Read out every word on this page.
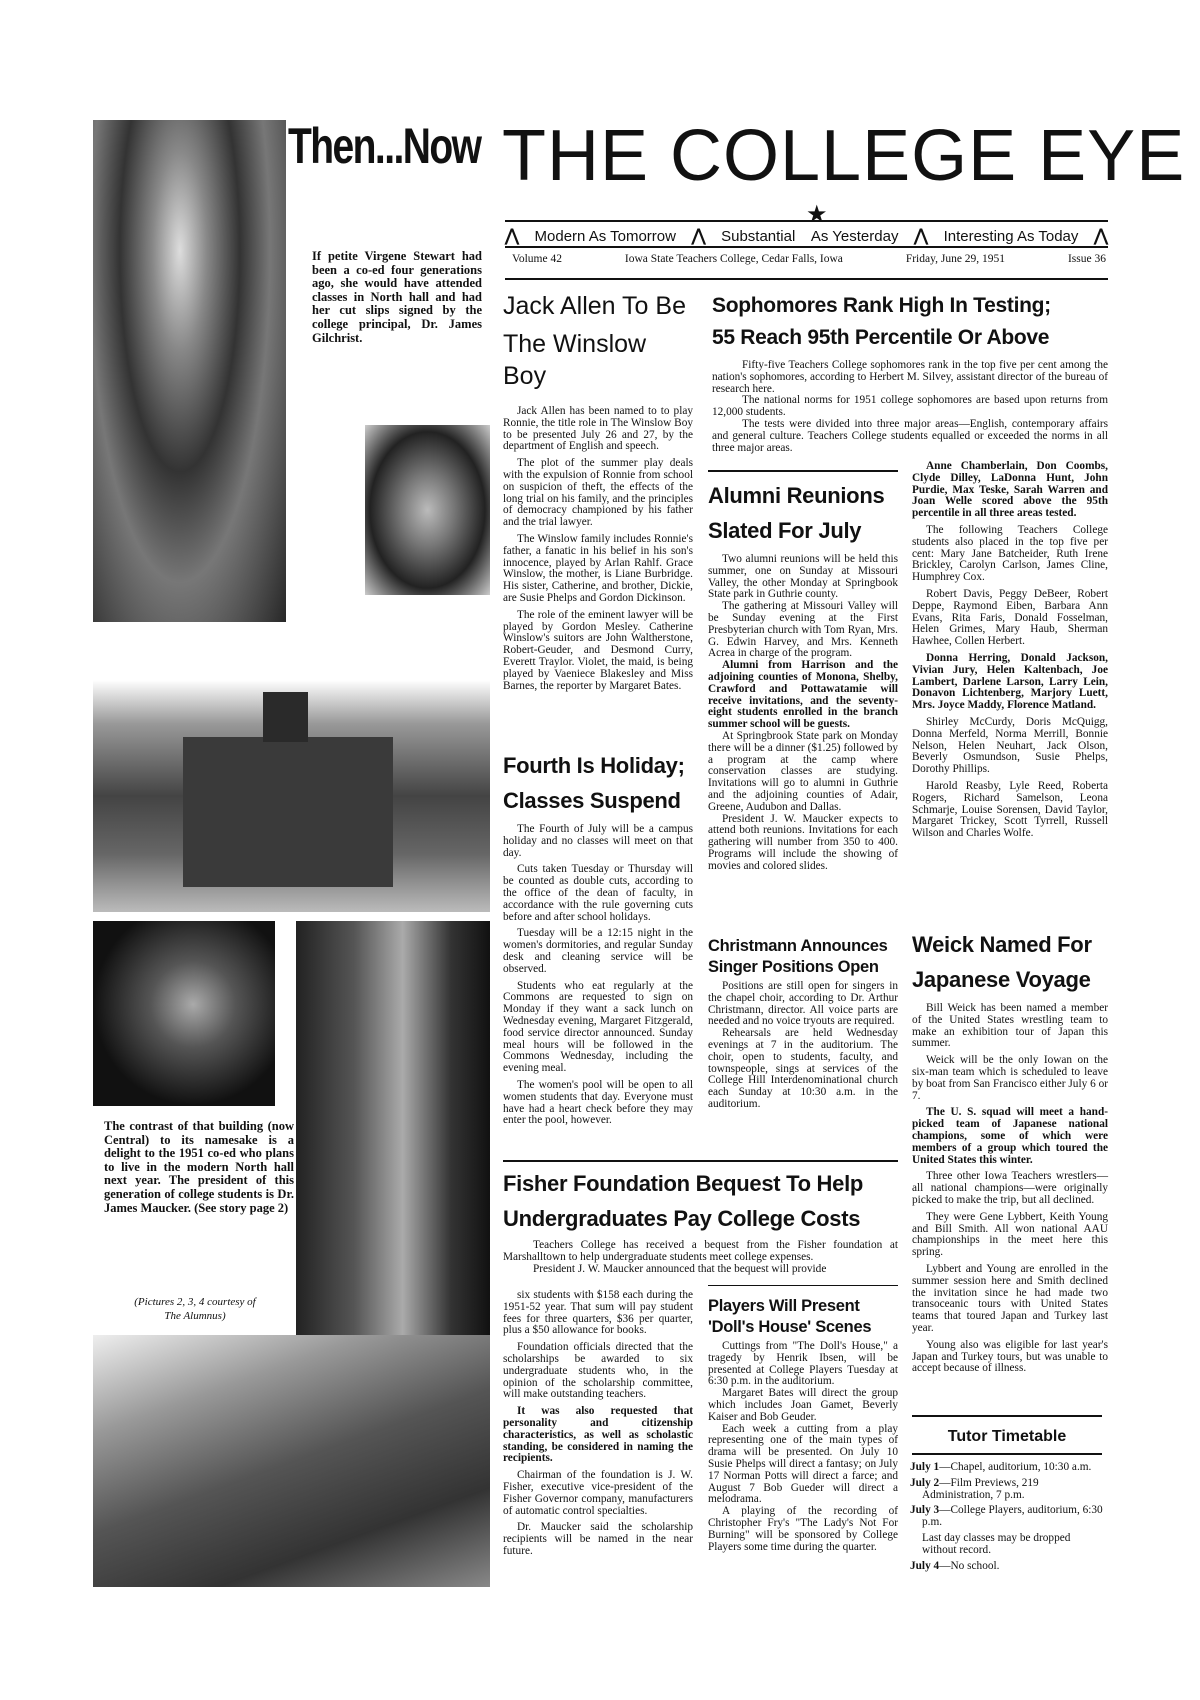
Then...Now
If petite Virgene Stewart had been a co-ed four generations ago, she would have attended classes in North hall and had her cut slips signed by the college principal, Dr. James Gilchrist.
The contrast of that building (now Central) to its namesake is a delight to the 1951 co-ed who plans to live in the modern North hall next year. The president of this generation of college students is Dr. James Maucker. (See story page 2)
(Pictures 2, 3, 4 courtesy of
The Alumnus)
THE COLLEGE EYE
★
⋀ Modern As Tomorrow ⋀ Substantial As Yesterday ⋀ Interesting As Today ⋀
Volume 42	Iowa State Teachers College, Cedar Falls, Iowa	Friday, June 29, 1951	Issue 36
Jack Allen To Be
The Winslow Boy

Jack Allen has been named to to play Ronnie, the title role in The Winslow Boy to be presented July 26 and 27, by the department of English and speech.

The plot of the summer play deals with the expulsion of Ronnie from school on suspicion of theft, the effects of the long trial on his family, and the principles of democracy championed by his father and the trial lawyer.

The Winslow family includes Ronnie's father, a fanatic in his belief in his son's innocence, played by Arlan Rahlf. Grace Winslow, the mother, is Liane Burbridge. His sister, Catherine, and brother, Dickie, are Susie Phelps and Gordon Dickinson.

The role of the eminent lawyer will be played by Gordon Mesley. Catherine Winslow's suitors are John Waltherstone, Robert-Geuder, and Desmond Curry, Everett Traylor. Violet, the maid, is being played by Vaeniece Blakesley and Miss Barnes, the reporter by Margaret Bates.

Fourth Is Holiday;
Classes Suspend

The Fourth of July will be a campus holiday and no classes will meet on that day.

Cuts taken Tuesday or Thursday will be counted as double cuts, according to the office of the dean of faculty, in accordance with the rule governing cuts before and after school holidays.

Tuesday will be a 12:15 night in the women's dormitories, and regular Sunday desk and cleaning service will be observed.

Students who eat regularly at the Commons are requested to sign on Monday if they want a sack lunch on Wednesday evening, Margaret Fitzgerald, food service director announced. Sunday meal hours will be followed in the Commons Wednesday, including the evening meal.

The women's pool will be open to all women students that day. Everyone must have had a heart check before they may enter the pool, however.

Sophomores Rank High In Testing;
55 Reach 95th Percentile Or Above

Fifty-five Teachers College sophomores rank in the top five per cent among the nation's sophomores, according to Herbert M. Silvey, assistant director of the bureau of research here.

The national norms for 1951 college sophomores are based upon returns from 12,000 students.

The tests were divided into three major areas—English, contemporary affairs and general culture. Teachers College students equalled or exceeded the norms in all three major areas.

Anne Chamberlain, Don Coombs, Clyde Dilley, LaDonna Hunt, John Purdie, Max Teske, Sarah Warren and Joan Welle scored above the 95th percentile in all three areas tested.

The following Teachers College students also placed in the top five per cent: Mary Jane Batcheider, Ruth Irene Brickley, Carolyn Carlson, James Cline, Humphrey Cox.

Robert Davis, Peggy DeBeer, Robert Deppe, Raymond Eiben, Barbara Ann Evans, Rita Faris, Donald Fosselman, Helen Grimes, Mary Haub, Sherman Hawhee, Collen Herbert.

Donna Herring, Donald Jackson, Vivian Jury, Helen Kaltenbach, Joe Lambert, Darlene Larson, Larry Lein, Donavon Lichtenberg, Marjory Luett, Mrs. Joyce Maddy, Florence Matland.

Shirley McCurdy, Doris McQuigg, Donna Merfeld, Norma Merrill, Bonnie Nelson, Helen Neuhart, Jack Olson, Beverly Osmundson, Susie Phelps, Dorothy Phillips.

Harold Reasby, Lyle Reed, Roberta Rogers, Richard Samelson, Leona Schmarje, Louise Sorensen, David Taylor, Margaret Trickey, Scott Tyrrell, Russell Wilson and Charles Wolfe.

Alumni Reunions
Slated For July

Two alumni reunions will be held this summer, one on Sunday at Missouri Valley, the other Monday at Springbook State park in Guthrie county.

The gathering at Missouri Valley will be Sunday evening at the First Presbyterian church with Tom Ryan, Mrs. G. Edwin Harvey, and Mrs. Kenneth Acrea in charge of the program.

Alumni from Harrison and the adjoining counties of Monona, Shelby, Crawford and Pottawatamie will receive invitations, and the seventy-eight students enrolled in the branch summer school will be guests.

At Springbrook State park on Monday there will be a dinner ($1.25) followed by a program at the camp where conservation classes are studying. Invitations will go to alumni in Guthrie and the adjoining counties of Adair, Greene, Audubon and Dallas.

President J. W. Maucker expects to attend both reunions. Invitations for each gathering will number from 350 to 400. Programs will include the showing of movies and colored slides.

Christmann Announces
Singer Positions Open

Positions are still open for singers in the chapel choir, according to Dr. Arthur Christmann, director. All voice parts are needed and no voice tryouts are required.

Rehearsals are held Wednesday evenings at 7 in the auditorium. The choir, open to students, faculty, and townspeople, sings at services of the College Hill Interdenominational church each Sunday at 10:30 a.m. in the auditorium.

Weick Named For
Japanese Voyage

Bill Weick has been named a member of the United States wrestling team to make an exhibition tour of Japan this summer.

Weick will be the only Iowan on the six-man team which is scheduled to leave by boat from San Francisco either July 6 or 7.

The U. S. squad will meet a hand-picked team of Japanese national champions, some of which were members of a group which toured the United States this winter.

Three other Iowa Teachers wrestlers—all national champions—were originally picked to make the trip, but all declined.

They were Gene Lybbert, Keith Young and Bill Smith. All won national AAU championships in the meet here this spring.

Lybbert and Young are enrolled in the summer session here and Smith declined the invitation since he had made two transoceanic tours with United States teams that toured Japan and Turkey last year.

Young also was eligible for last year's Japan and Turkey tours, but was unable to accept because of illness.

Tutor Timetable
July 1—Chapel, auditorium, 10:30 a.m.
July 2—Film Previews, 219 Administration, 7 p.m.
July 3—College Players, auditorium, 6:30 p.m.
Last day classes may be dropped without record.
July 4—No school.
Fisher Foundation Bequest To Help
Undergraduates Pay College Costs

Teachers College has received a bequest from the Fisher foundation at Marshalltown to help undergraduate students meet college expenses.

President J. W. Maucker announced that the bequest will provide

six students with $158 each during the 1951-52 year. That sum will pay student fees for three quarters, $36 per quarter, plus a $50 allowance for books.

Foundation officials directed that the scholarships be awarded to six undergraduate students who, in the opinion of the scholarship committee, will make outstanding teachers.

It was also requested that personality and citizenship characteristics, as well as scholastic standing, be considered in naming the recipients.

Chairman of the foundation is J. W. Fisher, executive vice-president of the Fisher Governor company, manufacturers of automatic control specialties.

Dr. Maucker said the scholarship recipients will be named in the near future.

Players Will Present
'Doll's House' Scenes

Cuttings from "The Doll's House," a tragedy by Henrik Ibsen, will be presented at College Players Tuesday at 6:30 p.m. in the auditorium.

Margaret Bates will direct the group which includes Joan Gamet, Beverly Kaiser and Bob Geuder.

Each week a cutting from a play representing one of the main types of drama will be presented. On July 10 Susie Phelps will direct a fantasy; on July 17 Norman Potts will direct a farce; and August 7 Bob Gueder will direct a melodrama.

A playing of the recording of Christopher Fry's "The Lady's Not For Burning" will be sponsored by College Players some time during the quarter.
